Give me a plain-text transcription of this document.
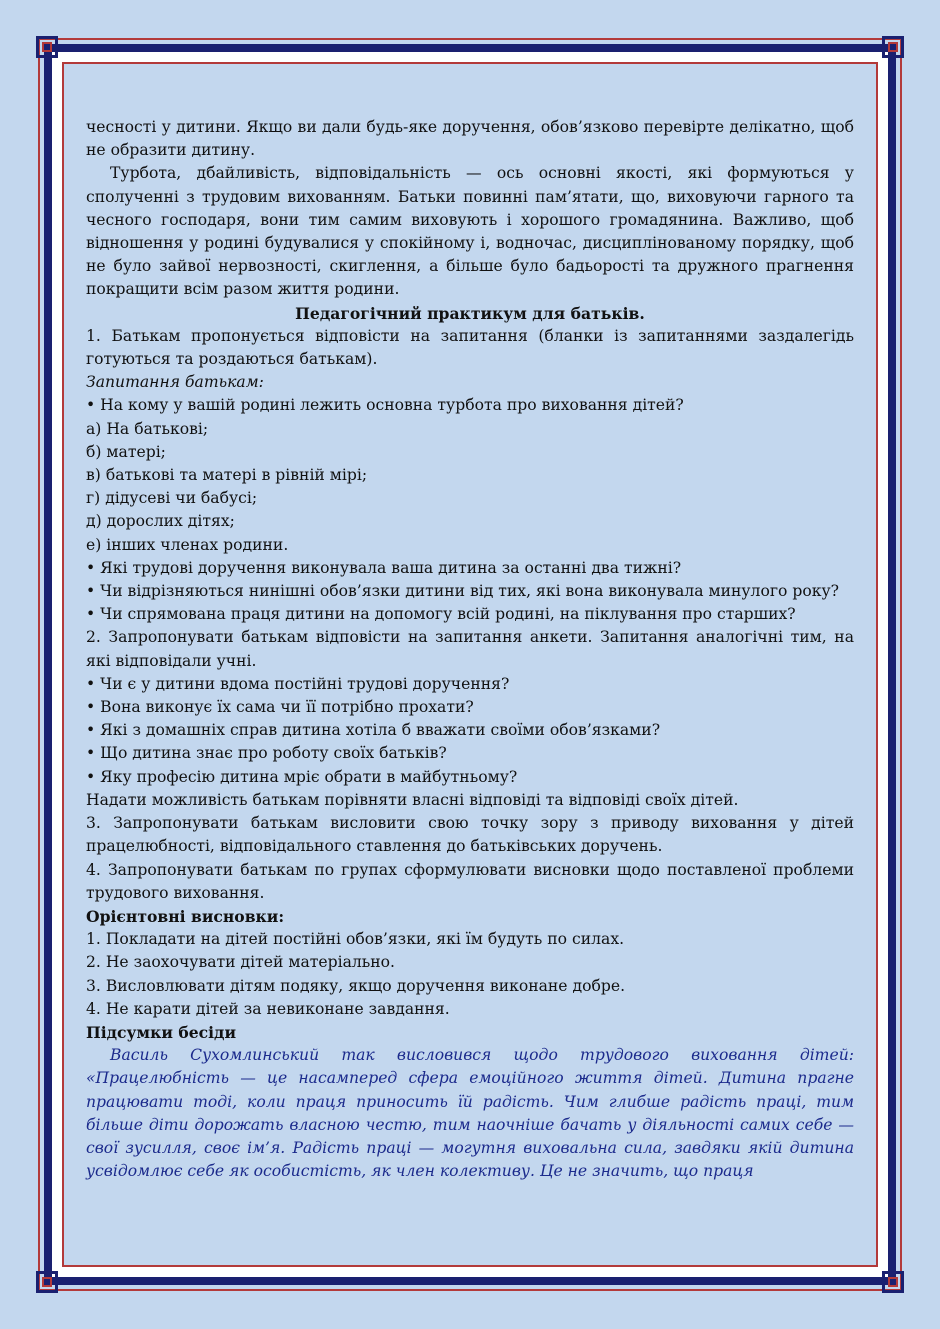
чесності у дитини. Якщо ви дали будь-яке доручення, обов’язково перевірте делікатно, щоб не образити дитину.

Турбота, дбайливість, відповідальність — ось основні якості, які формуються у сполученні з трудовим вихованням. Батьки повинні пам’ятати, що, виховуючи гарного та чесного господаря, вони тим самим виховують і хорошого громадянина. Важливо, щоб відношення у родині будувалися у спокійному і, водночас, дисциплінованому порядку, щоб не було зайвої нервозності, скиглення, а більше було бадьорості та дружного прагнення покращити всім разом життя родини.

Педагогічний практикум для батьків.

1. Батькам пропонується відповісти на запитання (бланки із запитаннями заздалегідь готуються та роздаються батькам).

Запитання батькам:

• На кому у вашій родині лежить основна турбота про виховання дітей?

а) На батькові;

б) матері;

в) батькові та матері в рівній мірі;

г) дідусеві чи бабусі;

д) дорослих дітях;

е) інших членах родини.

• Які трудові доручення виконувала ваша дитина за останні два тижні?

• Чи відрізняються нинішні обов’язки дитини від тих, які вона виконувала минулого року?

• Чи спрямована праця дитини на допомогу всій родині, на піклування про старших?

2. Запропонувати батькам відповісти на запитання анкети. Запитання аналогічні тим, на які відповідали учні.

• Чи є у дитини вдома постійні трудові доручення?

• Вона виконує їх сама чи її потрібно прохати?

• Які з домашніх справ дитина хотіла б вважати своїми обов’язками?

• Що дитина знає про роботу своїх батьків?

• Яку професію дитина мріє обрати в майбутньому?

Надати можливість батькам порівняти власні відповіді та відповіді своїх дітей.

3. Запропонувати батькам висловити свою точку зору з приводу виховання у дітей працелюбності, відповідального ставлення до батьківських доручень.

4. Запропонувати батькам по групах сформулювати висновки щодо поставленої проблеми трудового виховання.

Орієнтовні висновки:

1. Покладати на дітей постійні обов’язки, які їм будуть по силах.

2. Не заохочувати дітей матеріально.

3. Висловлювати дітям подяку, якщо доручення виконане добре.

4. Не карати дітей за невиконане завдання.

Підсумки бесіди

Василь Сухомлинський так висловився щодо трудового виховання дітей: «Працелюбність — це насамперед сфера емоційного життя дітей. Дитина прагне працювати тоді, коли праця приносить їй радість. Чим глибше радість праці, тим більше діти дорожать власною честю, тим наочніше бачать у діяльності самих себе — свої зусилля, своє ім’я. Радість праці — могутня виховальна сила, завдяки якій дитина усвідомлює себе як особистість, як член колективу. Це не значить, що праця
